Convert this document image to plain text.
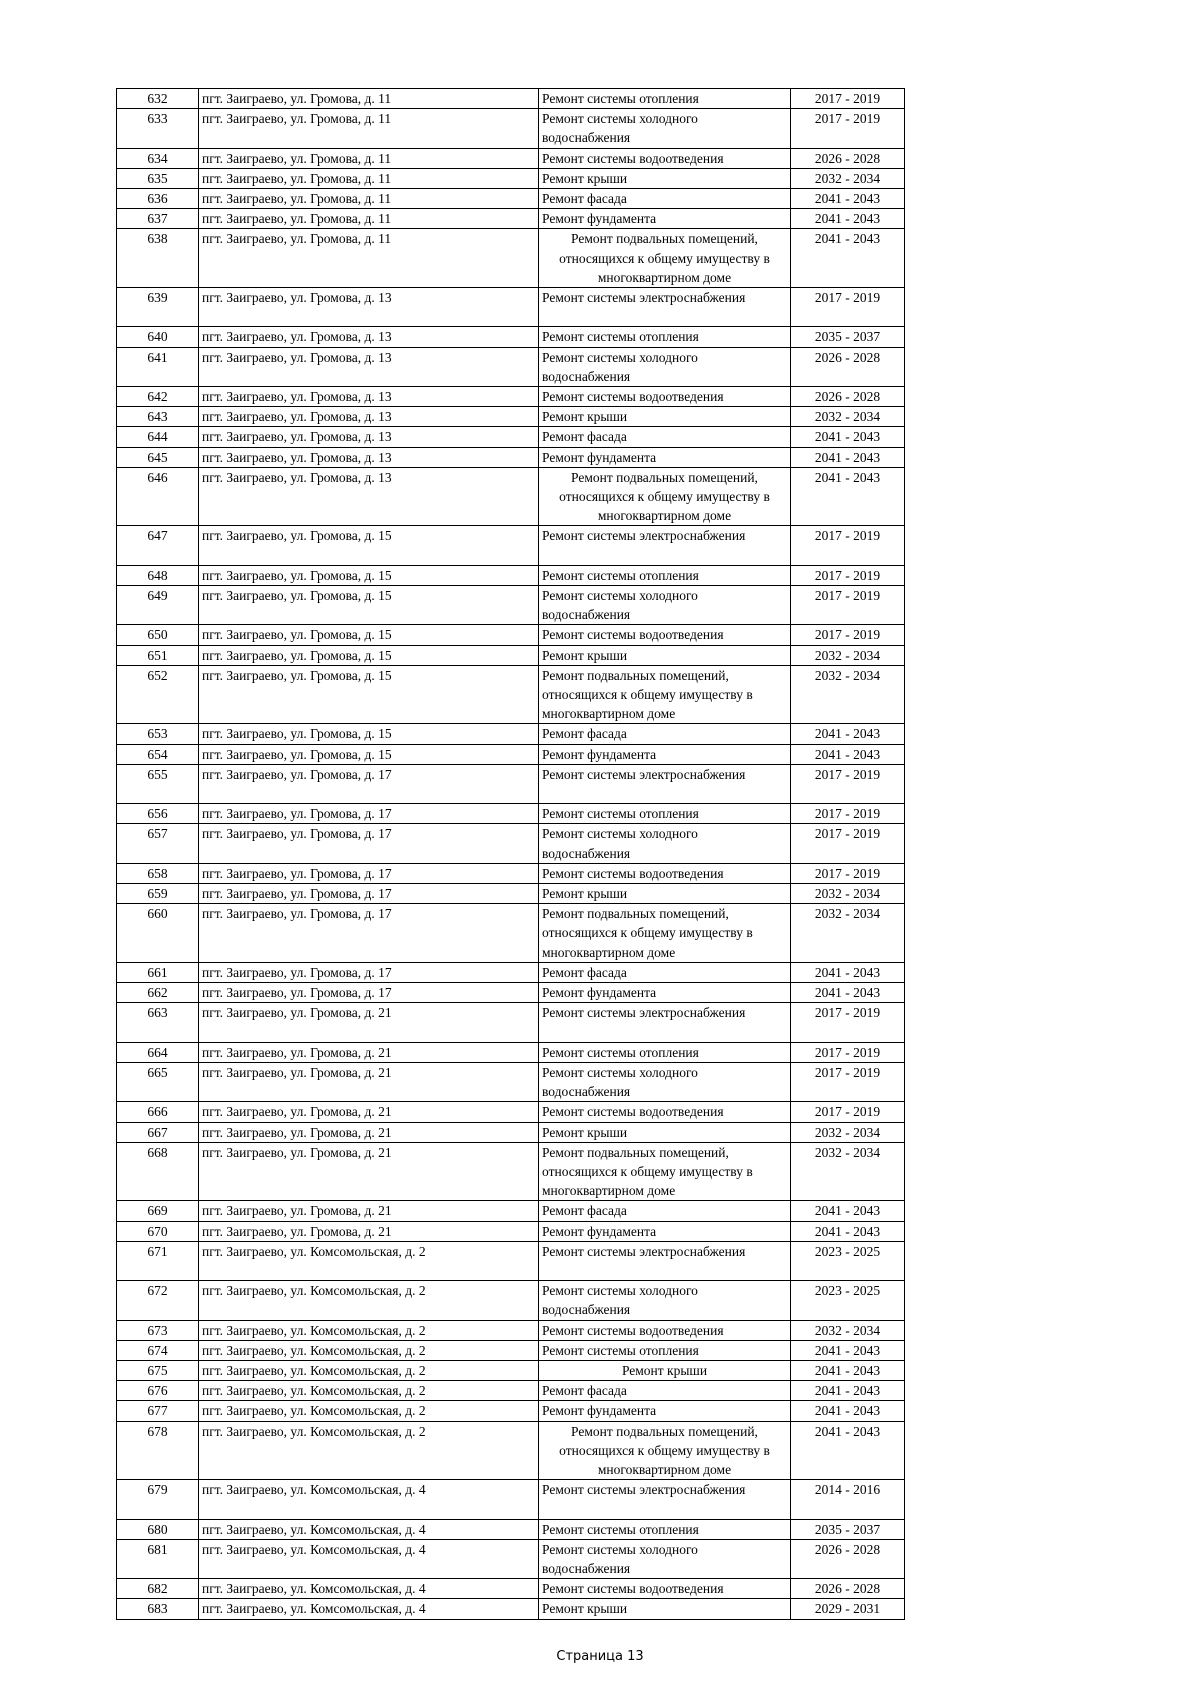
632	пгт. Заиграево, ул. Громова, д. 11	Ремонт системы отопления	2017 - 2019
633	пгт. Заиграево, ул. Громова, д. 11	Ремонт системы холодного водоснабжения	2017 - 2019
634	пгт. Заиграево, ул. Громова, д. 11	Ремонт системы водоотведения	2026 - 2028
635	пгт. Заиграево, ул. Громова, д. 11	Ремонт крыши	2032 - 2034
636	пгт. Заиграево, ул. Громова, д. 11	Ремонт фасада	2041 - 2043
637	пгт. Заиграево, ул. Громова, д. 11	Ремонт фундамента	2041 - 2043
638	пгт. Заиграево, ул. Громова, д. 11	Ремонт подвальных помещений, относящихся к общему имуществу в многоквартирном доме	2041 - 2043
639	пгт. Заиграево, ул. Громова, д. 13	Ремонт системы электроснабжения	2017 - 2019
640	пгт. Заиграево, ул. Громова, д. 13	Ремонт системы отопления	2035 - 2037
641	пгт. Заиграево, ул. Громова, д. 13	Ремонт системы холодного водоснабжения	2026 - 2028
642	пгт. Заиграево, ул. Громова, д. 13	Ремонт системы водоотведения	2026 - 2028
643	пгт. Заиграево, ул. Громова, д. 13	Ремонт крыши	2032 - 2034
644	пгт. Заиграево, ул. Громова, д. 13	Ремонт фасада	2041 - 2043
645	пгт. Заиграево, ул. Громова, д. 13	Ремонт фундамента	2041 - 2043
646	пгт. Заиграево, ул. Громова, д. 13	Ремонт подвальных помещений, относящихся к общему имуществу в многоквартирном доме	2041 - 2043
647	пгт. Заиграево, ул. Громова, д. 15	Ремонт системы электроснабжения	2017 - 2019
648	пгт. Заиграево, ул. Громова, д. 15	Ремонт системы отопления	2017 - 2019
649	пгт. Заиграево, ул. Громова, д. 15	Ремонт системы холодного водоснабжения	2017 - 2019
650	пгт. Заиграево, ул. Громова, д. 15	Ремонт системы водоотведения	2017 - 2019
651	пгт. Заиграево, ул. Громова, д. 15	Ремонт крыши	2032 - 2034
652	пгт. Заиграево, ул. Громова, д. 15	Ремонт подвальных помещений, относящихся к общему имуществу в многоквартирном доме	2032 - 2034
653	пгт. Заиграево, ул. Громова, д. 15	Ремонт фасада	2041 - 2043
654	пгт. Заиграево, ул. Громова, д. 15	Ремонт фундамента	2041 - 2043
655	пгт. Заиграево, ул. Громова, д. 17	Ремонт системы электроснабжения	2017 - 2019
656	пгт. Заиграево, ул. Громова, д. 17	Ремонт системы отопления	2017 - 2019
657	пгт. Заиграево, ул. Громова, д. 17	Ремонт системы холодного водоснабжения	2017 - 2019
658	пгт. Заиграево, ул. Громова, д. 17	Ремонт системы водоотведения	2017 - 2019
659	пгт. Заиграево, ул. Громова, д. 17	Ремонт крыши	2032 - 2034
660	пгт. Заиграево, ул. Громова, д. 17	Ремонт подвальных помещений, относящихся к общему имуществу в многоквартирном доме	2032 - 2034
661	пгт. Заиграево, ул. Громова, д. 17	Ремонт фасада	2041 - 2043
662	пгт. Заиграево, ул. Громова, д. 17	Ремонт фундамента	2041 - 2043
663	пгт. Заиграево, ул. Громова, д. 21	Ремонт системы электроснабжения	2017 - 2019
664	пгт. Заиграево, ул. Громова, д. 21	Ремонт системы отопления	2017 - 2019
665	пгт. Заиграево, ул. Громова, д. 21	Ремонт системы холодного водоснабжения	2017 - 2019
666	пгт. Заиграево, ул. Громова, д. 21	Ремонт системы водоотведения	2017 - 2019
667	пгт. Заиграево, ул. Громова, д. 21	Ремонт крыши	2032 - 2034
668	пгт. Заиграево, ул. Громова, д. 21	Ремонт подвальных помещений, относящихся к общему имуществу в многоквартирном доме	2032 - 2034
669	пгт. Заиграево, ул. Громова, д. 21	Ремонт фасада	2041 - 2043
670	пгт. Заиграево, ул. Громова, д. 21	Ремонт фундамента	2041 - 2043
671	пгт. Заиграево, ул. Комсомольская, д. 2	Ремонт системы электроснабжения	2023 - 2025
672	пгт. Заиграево, ул. Комсомольская, д. 2	Ремонт системы холодного водоснабжения	2023 - 2025
673	пгт. Заиграево, ул. Комсомольская, д. 2	Ремонт системы водоотведения	2032 - 2034
674	пгт. Заиграево, ул. Комсомольская, д. 2	Ремонт системы отопления	2041 - 2043
675	пгт. Заиграево, ул. Комсомольская, д. 2	Ремонт крыши	2041 - 2043
676	пгт. Заиграево, ул. Комсомольская, д. 2	Ремонт фасада	2041 - 2043
677	пгт. Заиграево, ул. Комсомольская, д. 2	Ремонт фундамента	2041 - 2043
678	пгт. Заиграево, ул. Комсомольская, д. 2	Ремонт подвальных помещений, относящихся к общему имуществу в многоквартирном доме	2041 - 2043
679	пгт. Заиграево, ул. Комсомольская, д. 4	Ремонт системы электроснабжения	2014 - 2016
680	пгт. Заиграево, ул. Комсомольская, д. 4	Ремонт системы отопления	2035 - 2037
681	пгт. Заиграево, ул. Комсомольская, д. 4	Ремонт системы холодного водоснабжения	2026 - 2028
682	пгт. Заиграево, ул. Комсомольская, д. 4	Ремонт системы водоотведения	2026 - 2028
683	пгт. Заиграево, ул. Комсомольская, д. 4	Ремонт крыши	2029 - 2031
Страница 13
